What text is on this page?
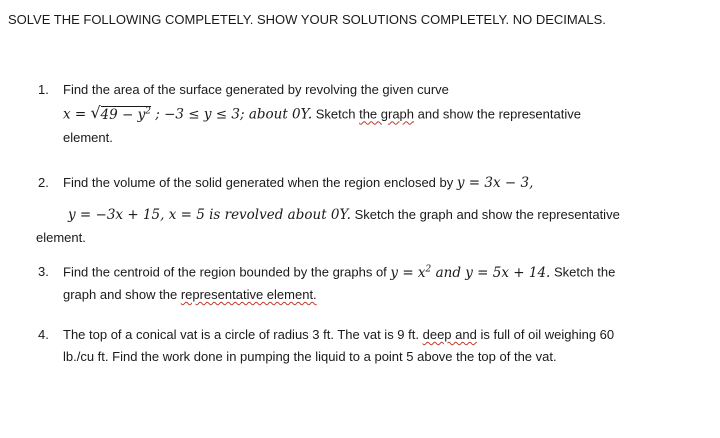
SOLVE THE FOLLOWING COMPLETELY. SHOW YOUR SOLUTIONS COMPLETELY. NO DECIMALS.
1. Find the area of the surface generated by revolving the given curve
x = √ $49 - y^2$ ; −3 ≤ y ≤ 3; about 0Y. Sketch the graph and show the representative
element.
2. Find the volume of the solid generated when the region enclosed by y = 3x − 3,
y = −3x + 15, x = 5 is revolved about 0Y. Sketch the graph and show the representative
element.
3. Find the centroid of the region bounded by the graphs of $y = x^2$ and y = 5x + 14. Sketch the
graph and show the representative element.
4. The top of a conical vat is a circle of radius 3 ft. The vat is 9 ft. deep and is full of oil weighing 60
lb./cu ft. Find the work done in pumping the liquid to a point 5 above the top of the vat.
